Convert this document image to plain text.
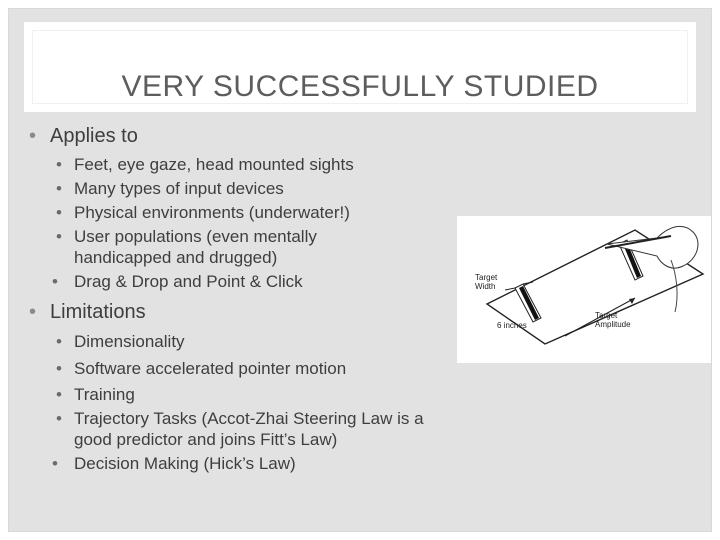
VERY SUCCESSFULLY STUDIED

• Applies to

• Feet, eye gaze, head mounted sights

• Many types of input devices

• Physical environments (underwater!)

• User populations (even mentally handicapped and drugged)

• Drag & Drop and Point & Click

• Limitations

• Dimensionality

• Software accelerated pointer motion

• Training

• Trajectory Tasks (Accot-Zhai Steering Law is a good predictor and joins Fitt’s Law)

• Decision Making (Hick’s Law)

Target
Width
6 inches
Target
Amplitude
